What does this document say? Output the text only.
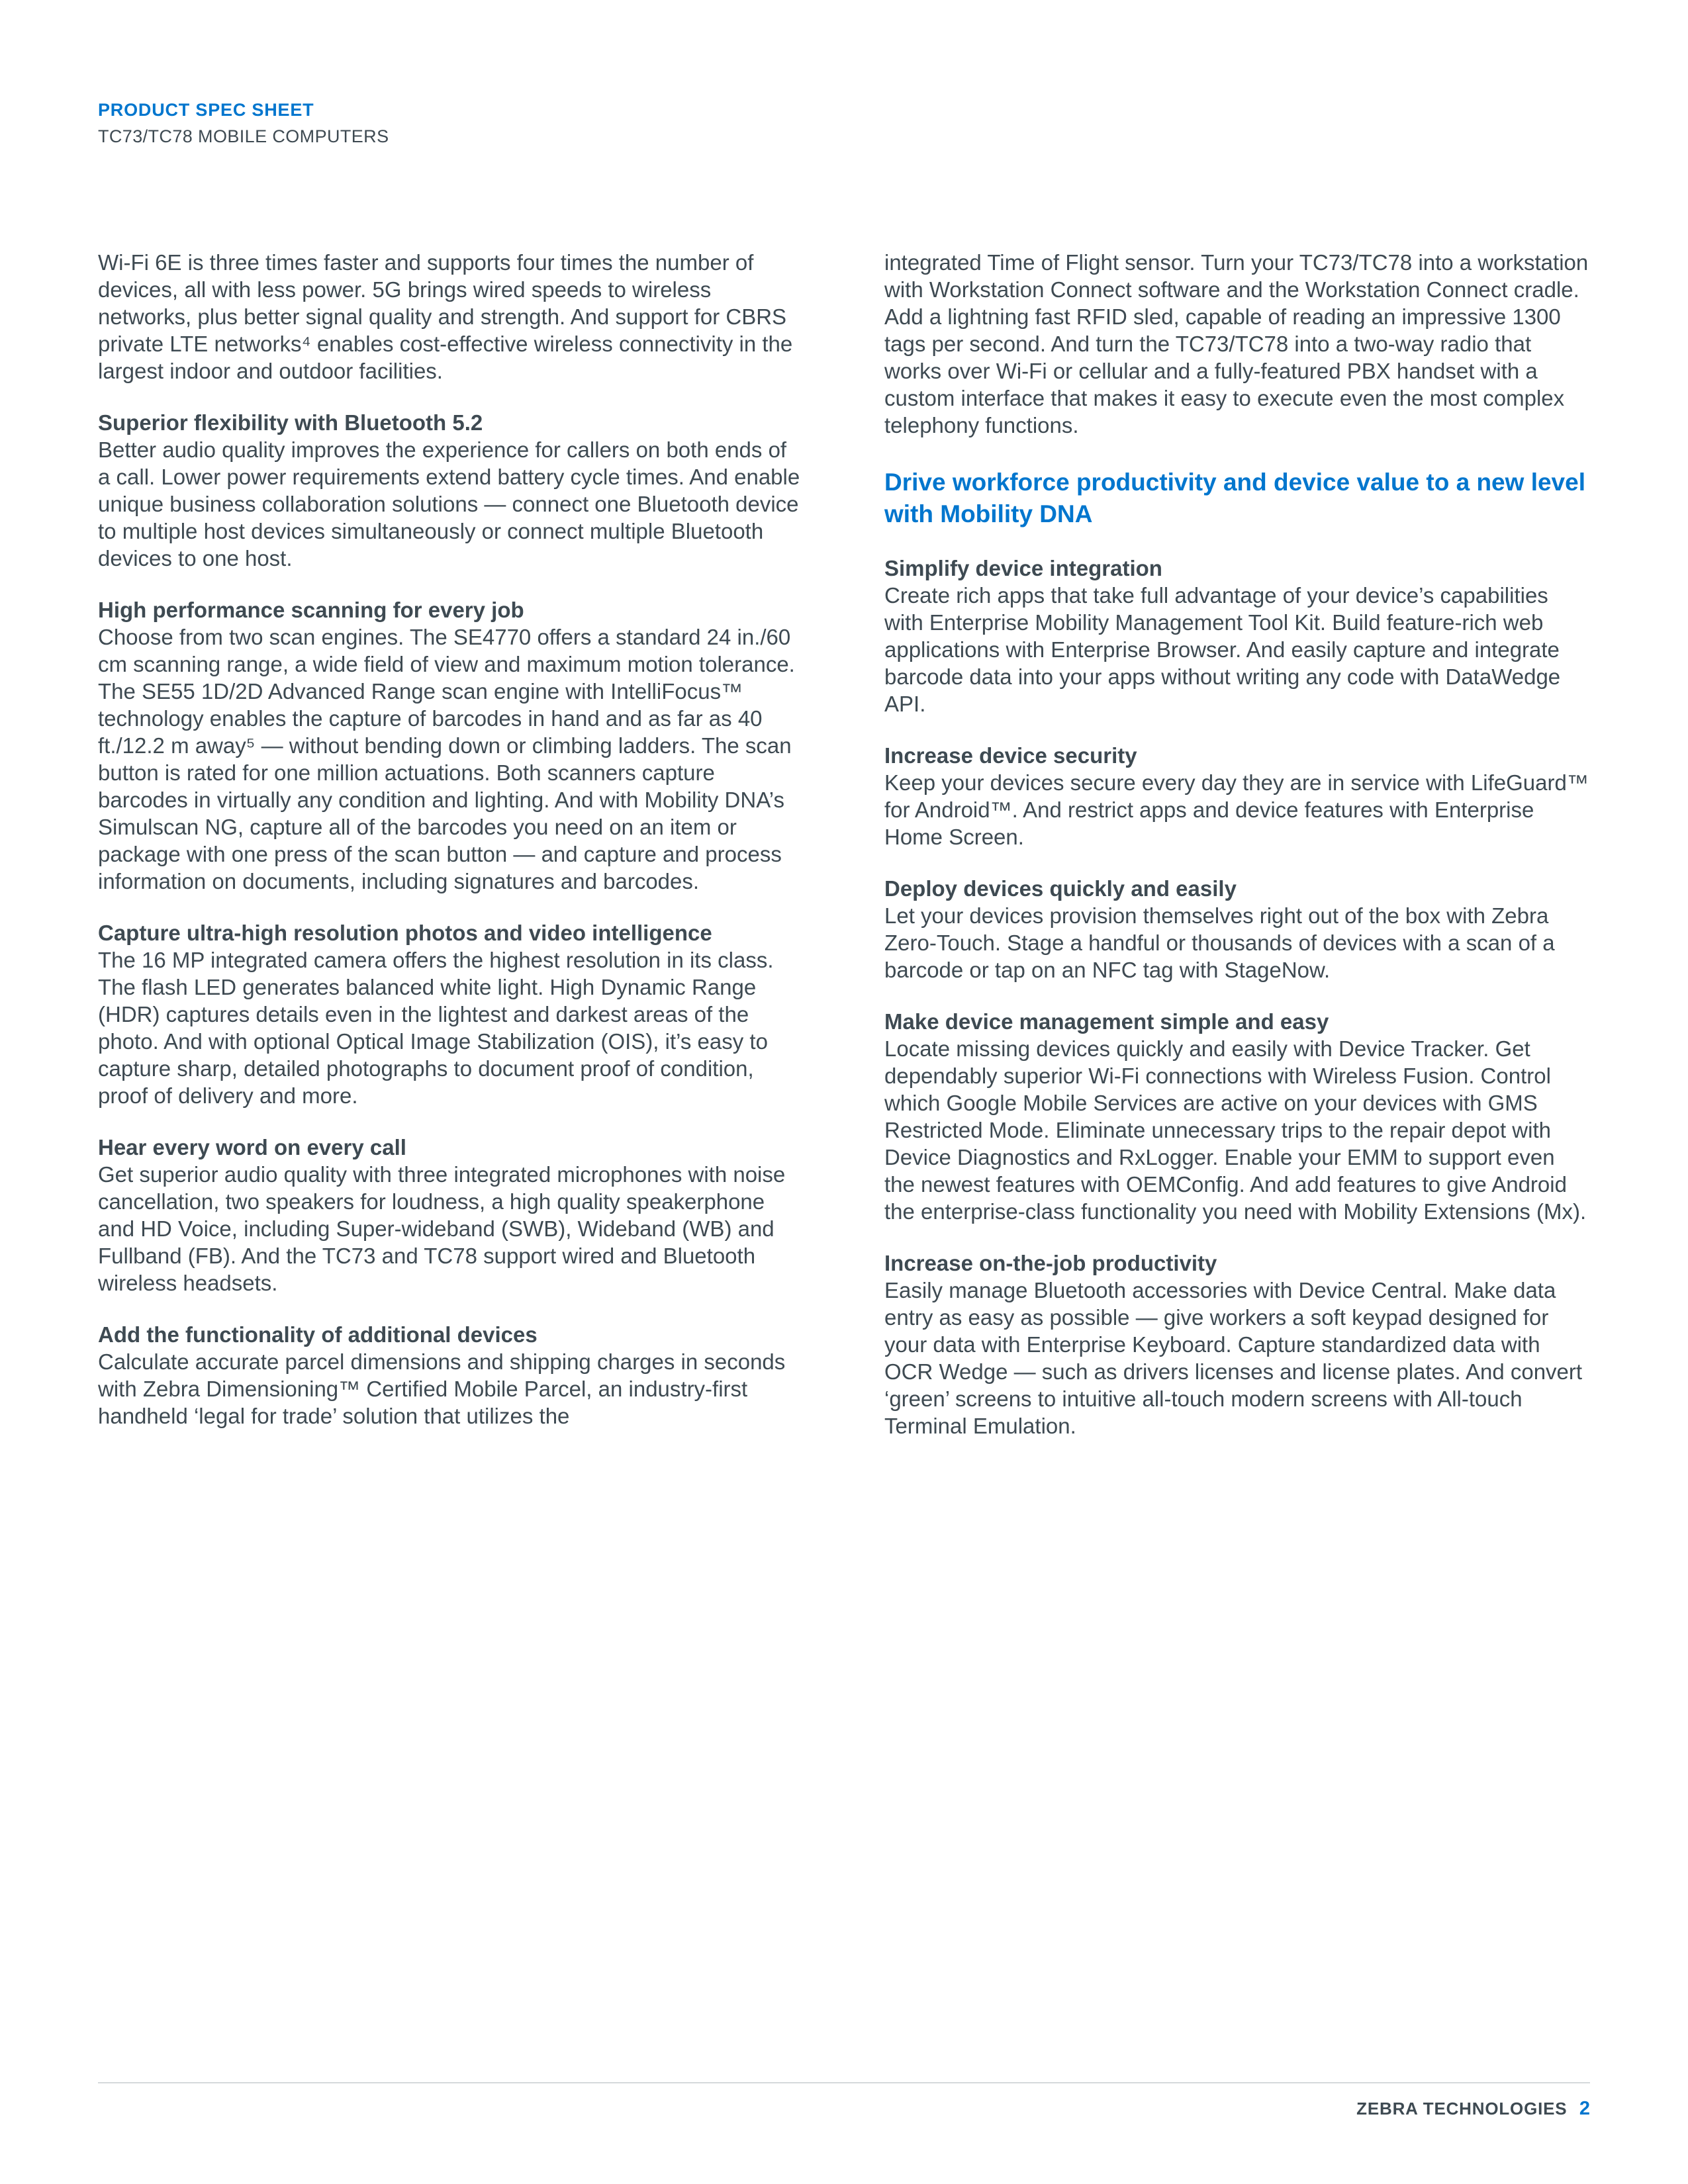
PRODUCT SPEC SHEET
TC73/TC78 MOBILE COMPUTERS

Wi-Fi 6E is three times faster and supports four times the number of devices, all with less power. 5G brings wired speeds to wireless networks, plus better signal quality and strength. And support for CBRS private LTE networks⁴ enables cost-effective wireless connectivity in the largest indoor and outdoor facilities.

Superior flexibility with Bluetooth 5.2

Better audio quality improves the experience for callers on both ends of a call. Lower power requirements extend battery cycle times. And enable unique business collaboration solutions — connect one Bluetooth device to multiple host devices simultaneously or connect multiple Bluetooth devices to one host.

High performance scanning for every job

Choose from two scan engines. The SE4770 offers a standard 24 in./60 cm scanning range, a wide field of view and maximum motion tolerance. The SE55 1D/2D Advanced Range scan engine with IntelliFocus™ technology enables the capture of barcodes in hand and as far as 40 ft./12.2 m away⁵ — without bending down or climbing ladders. The scan button is rated for one million actuations. Both scanners capture barcodes in virtually any condition and lighting. And with Mobility DNA’s Simulscan NG, capture all of the barcodes you need on an item or package with one press of the scan button — and capture and process information on documents, including signatures and barcodes.

Capture ultra-high resolution photos and video intelligence

The 16 MP integrated camera offers the highest resolution in its class. The flash LED generates balanced white light. High Dynamic Range (HDR) captures details even in the lightest and darkest areas of the photo. And with optional Optical Image Stabilization (OIS), it’s easy to capture sharp, detailed photographs to document proof of condition, proof of delivery and more.

Hear every word on every call

Get superior audio quality with three integrated microphones with noise cancellation, two speakers for loudness, a high quality speakerphone and HD Voice, including Super-wideband (SWB), Wideband (WB) and Fullband (FB). And the TC73 and TC78 support wired and Bluetooth wireless headsets.

Add the functionality of additional devices

Calculate accurate parcel dimensions and shipping charges in seconds with Zebra Dimensioning™ Certified Mobile Parcel, an industry-first handheld ‘legal for trade’ solution that utilizes the

integrated Time of Flight sensor. Turn your TC73/TC78 into a workstation with Workstation Connect software and the Workstation Connect cradle. Add a lightning fast RFID sled, capable of reading an impressive 1300 tags per second. And turn the TC73/TC78 into a two-way radio that works over Wi-Fi or cellular and a fully-featured PBX handset with a custom interface that makes it easy to execute even the most complex telephony functions.

Drive workforce productivity and device value to a new level with Mobility DNA

Simplify device integration

Create rich apps that take full advantage of your device’s capabilities with Enterprise Mobility Management Tool Kit. Build feature-rich web applications with Enterprise Browser. And easily capture and integrate barcode data into your apps without writing any code with DataWedge API.

Increase device security

Keep your devices secure every day they are in service with LifeGuard™ for Android™. And restrict apps and device features with Enterprise Home Screen.

Deploy devices quickly and easily

Let your devices provision themselves right out of the box with Zebra Zero-Touch. Stage a handful or thousands of devices with a scan of a barcode or tap on an NFC tag with StageNow.

Make device management simple and easy

Locate missing devices quickly and easily with Device Tracker. Get dependably superior Wi-Fi connections with Wireless Fusion. Control which Google Mobile Services are active on your devices with GMS Restricted Mode. Eliminate unnecessary trips to the repair depot with Device Diagnostics and RxLogger. Enable your EMM to support even the newest features with OEMConfig. And add features to give Android the enterprise-class functionality you need with Mobility Extensions (Mx).

Increase on-the-job productivity

Easily manage Bluetooth accessories with Device Central. Make data entry as easy as possible — give workers a soft keypad designed for your data with Enterprise Keyboard. Capture standardized data with OCR Wedge — such as drivers licenses and license plates. And convert ‘green’ screens to intuitive all-touch modern screens with All-touch Terminal Emulation.

ZEBRA TECHNOLOGIES 2
